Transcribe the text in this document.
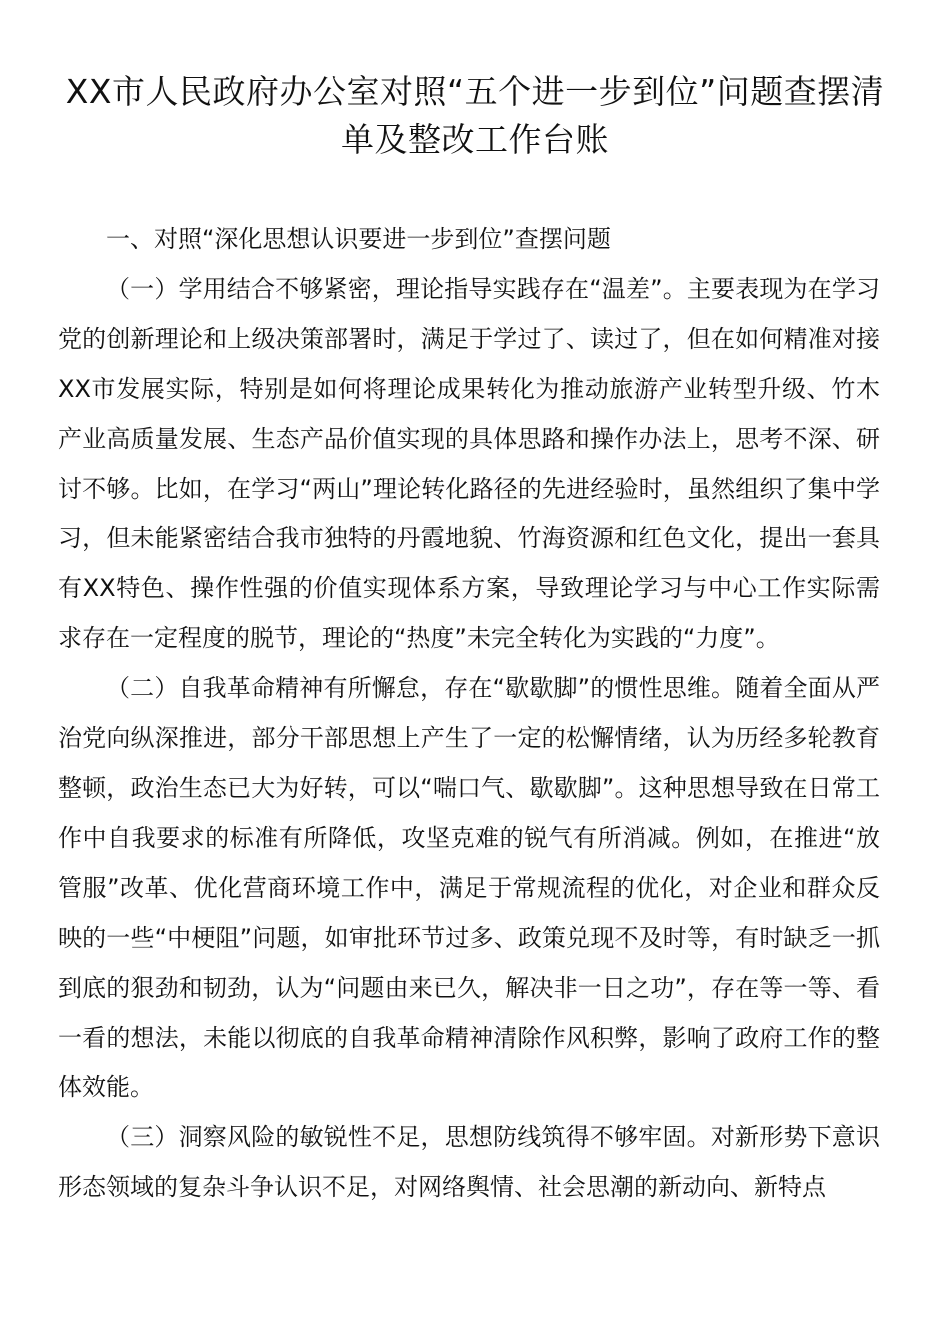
XX市人民政府办公室对照“五个进一步到位”问题查摆清单及整改工作台账

一、对照“深化思想认识要进一步到位”查摆问题

（一）学用结合不够紧密，理论指导实践存在“温差”。主要表现为在学习党的创新理论和上级决策部署时，满足于学过了、读过了，但在如何精准对接XX市发展实际，特别是如何将理论成果转化为推动旅游产业转型升级、竹木产业高质量发展、生态产品价值实现的具体思路和操作办法上，思考不深、研讨不够。比如，在学习“两山”理论转化路径的先进经验时，虽然组织了集中学习，但未能紧密结合我市独特的丹霞地貌、竹海资源和红色文化，提出一套具有XX特色、操作性强的价值实现体系方案，导致理论学习与中心工作实际需求存在一定程度的脱节，理论的“热度”未完全转化为实践的“力度”。

（二）自我革命精神有所懈怠，存在“歇歇脚”的惯性思维。随着全面从严治党向纵深推进，部分干部思想上产生了一定的松懈情绪，认为历经多轮教育整顿，政治生态已大为好转，可以“喘口气、歇歇脚”。这种思想导致在日常工作中自我要求的标准有所降低，攻坚克难的锐气有所消减。例如，在推进“放管服”改革、优化营商环境工作中，满足于常规流程的优化，对企业和群众反映的一些“中梗阻”问题，如审批环节过多、政策兑现不及时等，有时缺乏一抓到底的狠劲和韧劲，认为“问题由来已久，解决非一日之功”，存在等一等、看一看的想法，未能以彻底的自我革命精神清除作风积弊，影响了政府工作的整体效能。

（三）洞察风险的敏锐性不足，思想防线筑得不够牢固。对新形势下意识形态领域的复杂斗争认识不足，对网络舆情、社会思潮的新动向、新特点
